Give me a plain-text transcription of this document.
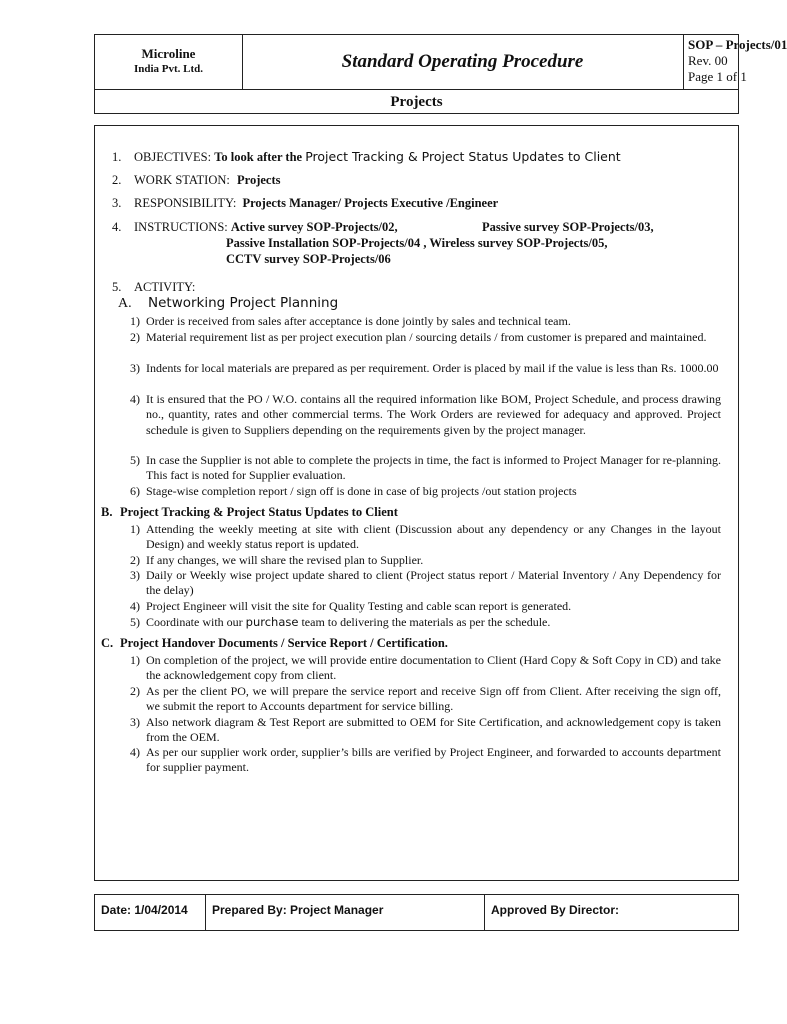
Microline
India Pvt. Ltd.	Standard Operating Procedure
SOP – Projects/01
Rev. 00
Page 1 of 1
Projects
1. OBJECTIVES: To look after the Project Tracking & Project Status Updates to Client
2. WORK STATION: Projects
3. RESPONSIBILITY: Projects Manager/ Projects Executive /Engineer
4. INSTRUCTIONS: Active survey SOP-Projects/02,	Passive survey SOP-Projects/03,
Passive Installation SOP-Projects/04 , Wireless survey SOP-Projects/05,
CCTV survey SOP-Projects/06
5. ACTIVITY:
A. Networking Project Planning
1) Order is received from sales after acceptance is done jointly by sales and technical team.
2) Material requirement list as per project execution plan / sourcing details / from customer is prepared and maintained.
3) Indents for local materials are prepared as per requirement. Order is placed by mail if the value is less than Rs. 1000.00
4) It is ensured that the PO / W.O. contains all the required information like BOM, Project Schedule, and process drawing no., quantity, rates and other commercial terms. The Work Orders are reviewed for adequacy and approved. Project schedule is given to Suppliers depending on the requirements given by the project manager.
5) In case the Supplier is not able to complete the projects in time, the fact is informed to Project Manager for re-planning. This fact is noted for Supplier evaluation.
6) Stage-wise completion report / sign off is done in case of big projects /out station projects
B. Project Tracking & Project Status Updates to Client
1) Attending the weekly meeting at site with client (Discussion about any dependency or any Changes in the layout Design) and weekly status report is updated.
2) If any changes, we will share the revised plan to Supplier.
3) Daily or Weekly wise project update shared to client (Project status report / Material Inventory / Any Dependency for the delay)
4) Project Engineer will visit the site for Quality Testing and cable scan report is generated.
5) Coordinate with our purchase team to delivering the materials as per the schedule.
C. Project Handover Documents / Service Report / Certification.
1) On completion of the project, we will provide entire documentation to Client (Hard Copy & Soft Copy in CD) and take the acknowledgement copy from client.
2) As per the client PO, we will prepare the service report and receive Sign off from Client. After receiving the sign off, we submit the report to Accounts department for service billing.
3) Also network diagram & Test Report are submitted to OEM for Site Certification, and acknowledgement copy is taken from the OEM.
4) As per our supplier work order, supplier’s bills are verified by Project Engineer, and forwarded to accounts department for supplier payment.
Date: 1/04/2014	Prepared By: Project Manager	Approved By Director:
